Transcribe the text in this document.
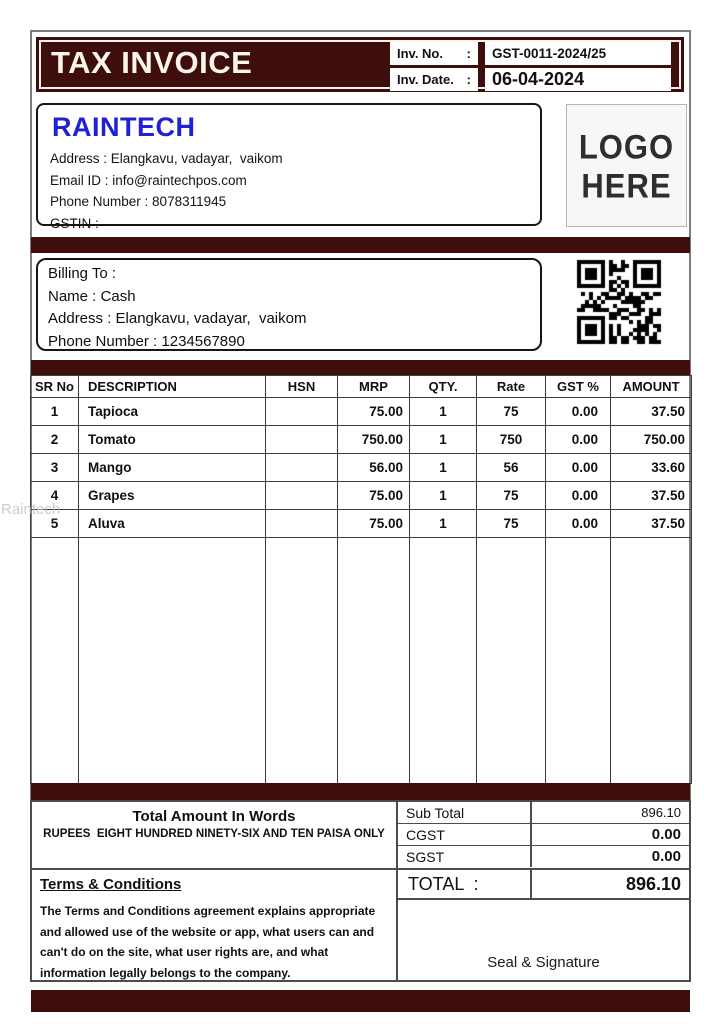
TAX INVOICE	Inv. No. :	GST-0011-2024/25
Inv. Date. :	06-04-2024
RAINTECH
Address : Elangkavu, vadayar,  vaikom
Email ID : info@raintechpos.com
Phone Number : 8078311945
GSTIN :
LOGO
HERE
Billing To :
Name : Cash
Address : Elangkavu, vadayar,  vaikom
Phone Number : 1234567890
SR No	DESCRIPTION	HSN	MRP	QTY.	Rate	GST %	AMOUNT
1	Tapioca		75.00	1	75	0.00	37.50
2	Tomato		750.00	1	750	0.00	750.00
3	Mango		56.00	1	56	0.00	33.60
4	Grapes		75.00	1	75	0.00	37.50
5	Aluva		75.00	1	75	0.00	37.50

Total Amount In Words
RUPEES  EIGHT HUNDRED NINETY-SIX AND TEN PAISA ONLY
Sub Total	896.10
CGST	0.00
SGST	0.00
TOTAL  :	896.10
Terms & Conditions
The Terms and Conditions agreement explains appropriate and allowed use of the website or app, what users can and can't do on the site, what user rights are, and what information legally belongs to the company.
Seal & Signature
Raintech
